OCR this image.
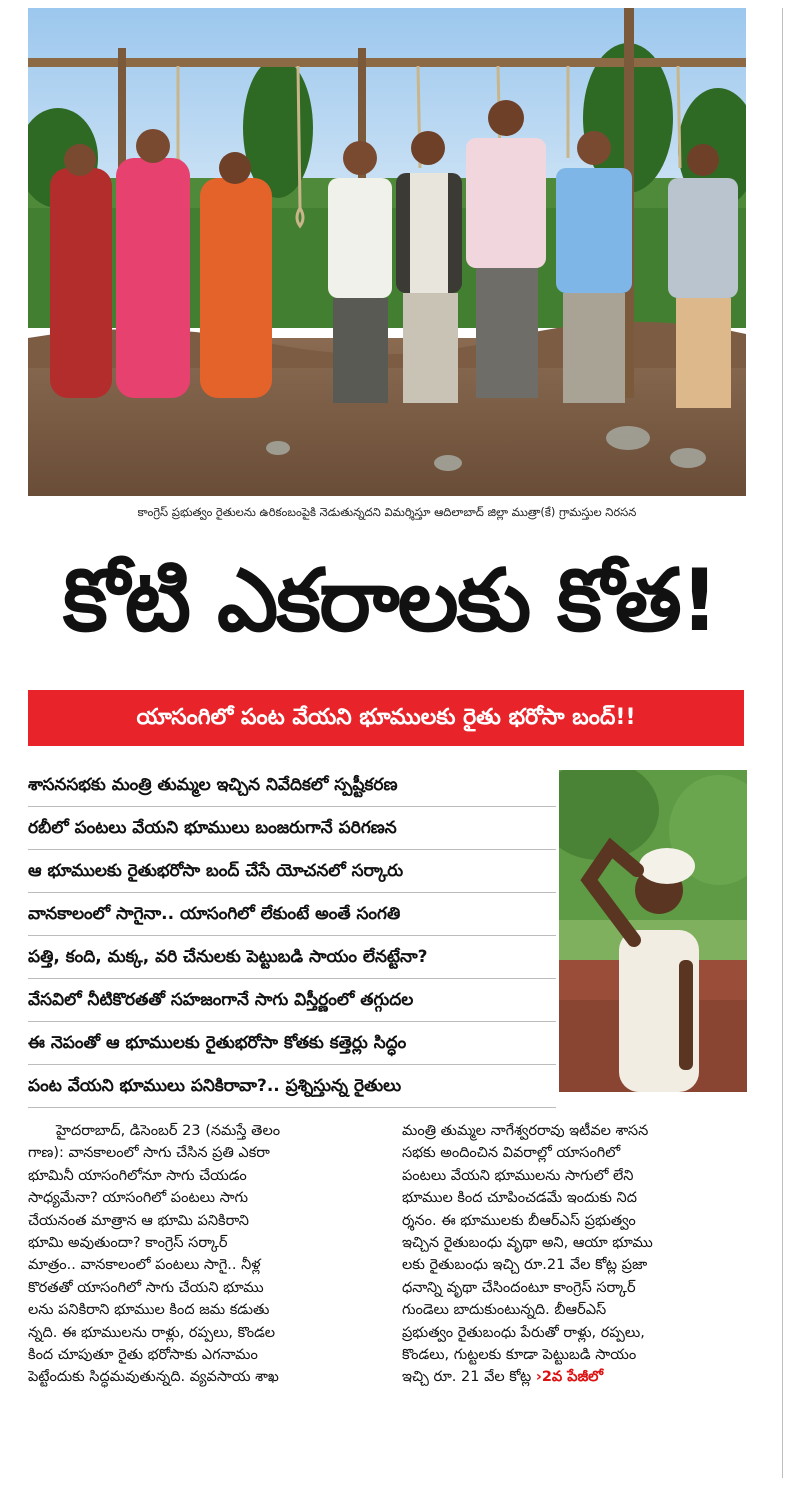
కాంగ్రెస్ ప్రభుత్వం రైతులను ఉరికంబంపైకి నెడుతున్నదని విమర్శిస్తూ ఆదిలాబాద్ జిల్లా ముత్రా(కే) గ్రామస్తుల నిరసన
కోటి ఎకరాలకు కోత!
యాసంగిలో పంట వేయని భూములకు రైతు భరోసా బంద్!!
శాసనసభకు మంత్రి తుమ్మల ఇచ్చిన నివేదికలో స్పష్టీకరణ
రబీలో పంటలు వేయని భూములు బంజరుగానే పరిగణన
ఆ భూములకు రైతుభరోసా బంద్ చేసే యోచనలో సర్కారు
వానకాలంలో సాగైనా.. యాసంగిలో లేకుంటే అంతే సంగతి
పత్తి, కంది, మక్క, వరి చేనులకు పెట్టుబడి సాయం లేనట్టేనా?
వేసవిలో నీటికొరతతో సహజంగానే సాగు విస్తీర్ణంలో తగ్గుదల
ఈ నెపంతో ఆ భూములకు రైతుభరోసా కోతకు కత్తెర్లు సిద్ధం
పంట వేయని భూములు పనికిరావా?.. ప్రశ్నిస్తున్న రైతులు
హైదరాబాద్, డిసెంబర్ 23 (నమస్తే తెలం
గాణ): వానకాలంలో సాగు చేసిన ప్రతి ఎకరా
భూమినీ యాసంగిలోనూ సాగు చేయడం
సాధ్యమేనా? యాసంగిలో పంటలు సాగు
చేయనంత మాత్రాన ఆ భూమి పనికిరాని
భూమి అవుతుందా? కాంగ్రెస్ సర్కార్
మాత్రం.. వానకాలంలో పంటలు సాగై.. నీళ్ల
కొరతతో యాసంగిలో సాగు చేయని భూము
లను పనికిరాని భూముల కింద జమ కడుతు
న్నది. ఈ భూములను రాళ్లు, రప్పలు, కొండల
కింద చూపుతూ రైతు భరోసాకు ఎగనామం
పెట్టేందుకు సిద్ధమవుతున్నది. వ్యవసాయ శాఖ
మంత్రి తుమ్మల నాగేశ్వరరావు ఇటీవల శాసన
సభకు అందించిన వివరాల్లో యాసంగిలో
పంటలు వేయని భూములను సాగులో లేని
భూముల కింద చూపించడమే ఇందుకు నిద
ర్శనం. ఈ భూములకు బీఆర్‌ఎస్ ప్రభుత్వం
ఇచ్చిన రైతుబంధు వృథా అని, ఆయా భూము
లకు రైతుబంధు ఇచ్చి రూ.21 వేల కోట్ల ప్రజా
ధనాన్ని వృథా చేసిందంటూ కాంగ్రెస్ సర్కార్
గుండెలు బాదుకుంటున్నది. బీఆర్‌ఎస్
ప్రభుత్వం రైతుబంధు పేరుతో రాళ్లు, రప్పలు,
కొండలు, గుట్టలకు కూడా పెట్టుబడి సాయం
ఇచ్చి రూ. 21 వేల కోట్ల ›2వ పేజీలో
